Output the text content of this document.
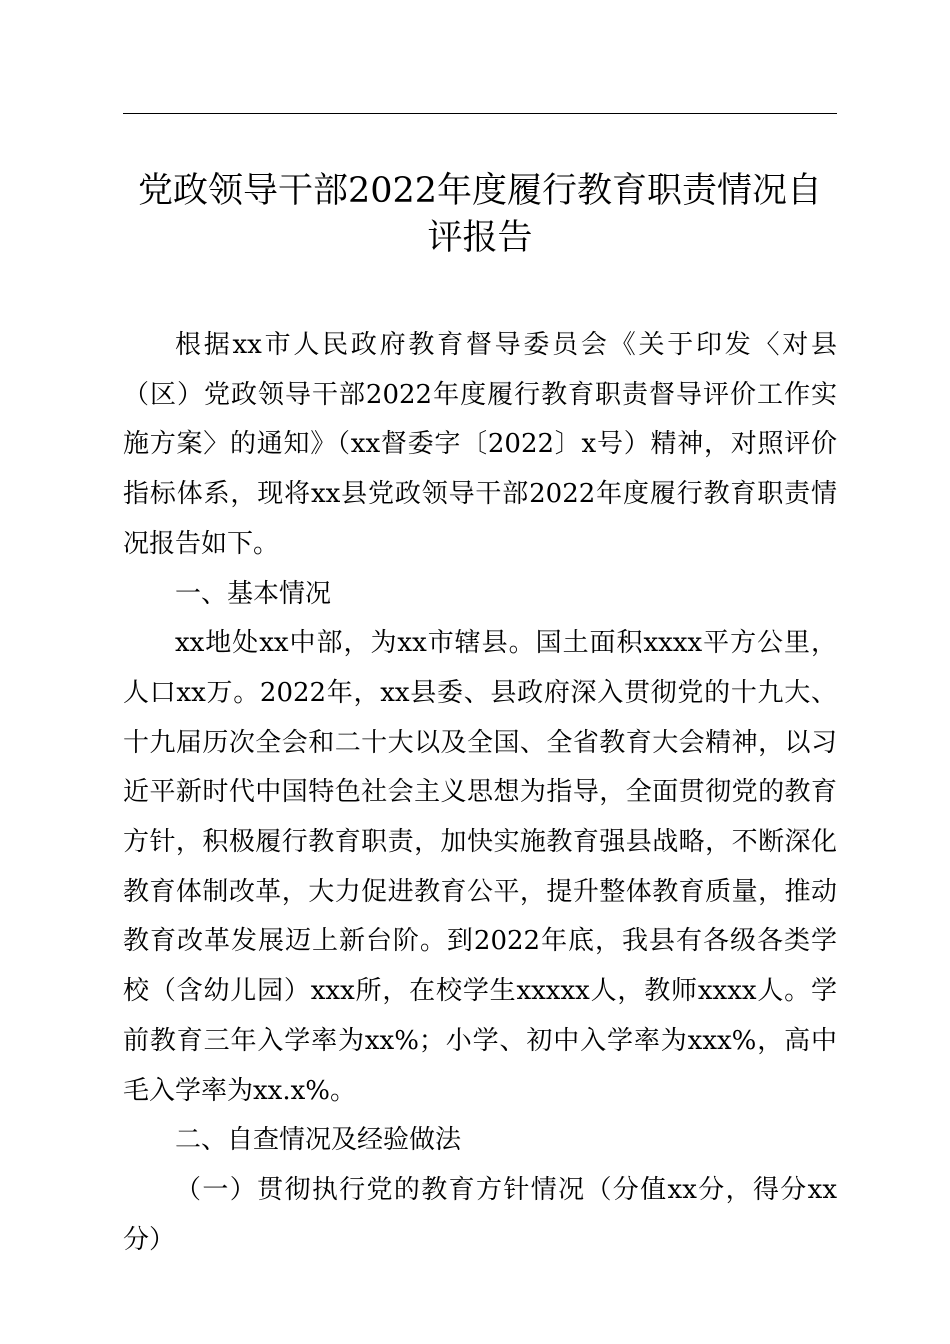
党政领导干部2022年度履行教育职责情况自评报告

根据xx市人民政府教育督导委员会《关于印发〈对县（区）党政领导干部2022年度履行教育职责督导评价工作实施方案〉的通知》（xx督委字〔2022〕x号）精神，对照评价指标体系，现将xx县党政领导干部2022年度履行教育职责情况报告如下。

一、基本情况

xx地处xx中部，为xx市辖县。国土面积xxxx平方公里，人口xx万。2022年，xx县委、县政府深入贯彻党的十九大、十九届历次全会和二十大以及全国、全省教育大会精神，以习近平新时代中国特色社会主义思想为指导，全面贯彻党的教育方针，积极履行教育职责，加快实施教育强县战略，不断深化教育体制改革，大力促进教育公平，提升整体教育质量，推动教育改革发展迈上新台阶。到2022年底，我县有各级各类学校（含幼儿园）xxx所，在校学生xxxxx人，教师xxxx人。学前教育三年入学率为xx%；小学、初中入学率为xxx%，高中毛入学率为xx.x%。

二、自查情况及经验做法

（一）贯彻执行党的教育方针情况（分值xx分，得分xx分）
